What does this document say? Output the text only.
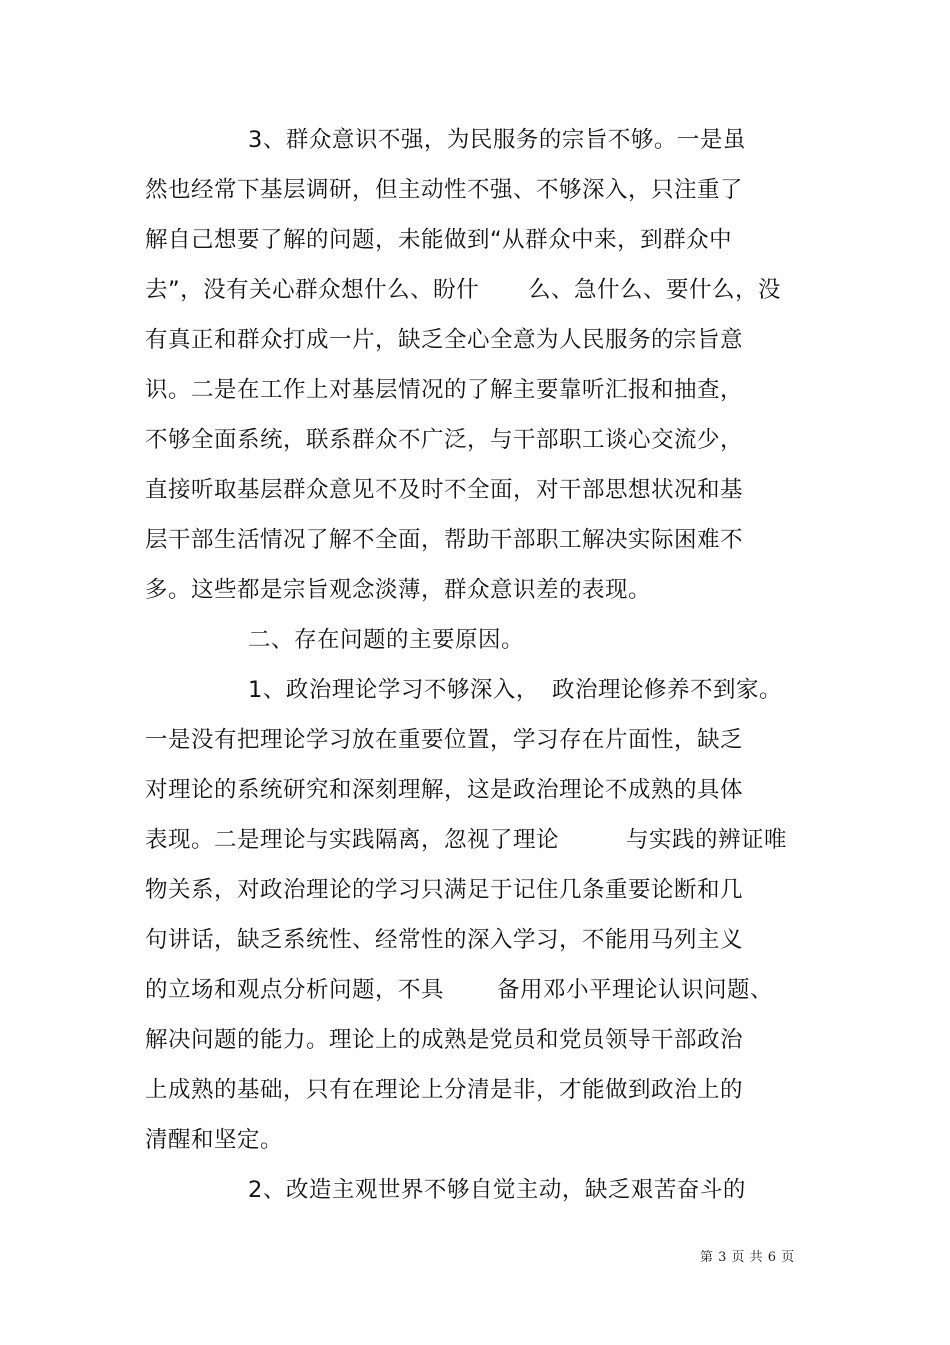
3、群众意识不强，为民服务的宗旨不够。一是虽
然也经常下基层调研，但主动性不强、不够深入，只注重了
解自己想要了解的问题，未能做到“从群众中来，到群众中
去”，没有关心群众想什么、盼什 么、急什么、要什么，没
有真正和群众打成一片，缺乏全心全意为人民服务的宗旨意
识。二是在工作上对基层情况的了解主要靠听汇报和抽查，
不够全面系统，联系群众不广泛，与干部职工谈心交流少，
直接听取基层群众意见不及时不全面，对干部思想状况和基
层干部生活情况了解不全面，帮助干部职工解决实际困难不
多。这些都是宗旨观念淡薄，群众意识差的表现。
二、存在问题的主要原因。
1、政治理论学习不够深入， 政治理论修养不到家。
一是没有把理论学习放在重要位置，学习存在片面性，缺乏
对理论的系统研究和深刻理解，这是政治理论不成熟的具体
表现。二是理论与实践隔离，忽视了理论	与实践的辨证唯
物关系，对政治理论的学习只满足于记住几条重要论断和几
句讲话，缺乏系统性、经常性的深入学习，不能用马列主义
的立场和观点分析问题，不具 备用邓小平理论认识问题、
解决问题的能力。理论上的成熟是党员和党员领导干部政治
上成熟的基础，只有在理论上分清是非，才能做到政治上的
清醒和坚定。
2、改造主观世界不够自觉主动，缺乏艰苦奋斗的
第 3 页 共 6 页
